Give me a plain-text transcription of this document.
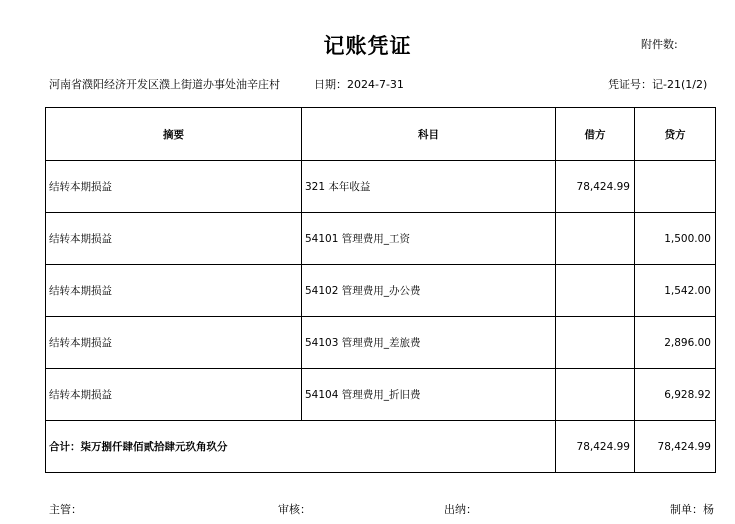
记账凭证	附件数:
河南省濮阳经济开发区濮上街道办事处油辛庄村	日期：2024-7-31	凭证号：记-21(1/2)
摘要	科目	借方	贷方
结转本期损益	321 本年收益	78,424.99	
结转本期损益	54101 管理费用_工资		1,500.00
结转本期损益	54102 管理费用_办公费		1,542.00
结转本期损益	54103 管理费用_差旅费		2,896.00
结转本期损益	54104 管理费用_折旧费		6,928.92
合计：柒万捌仟肆佰贰拾肆元玖角玖分		78,424.99	78,424.99
主管：	审核：	出纳：	制单：杨
